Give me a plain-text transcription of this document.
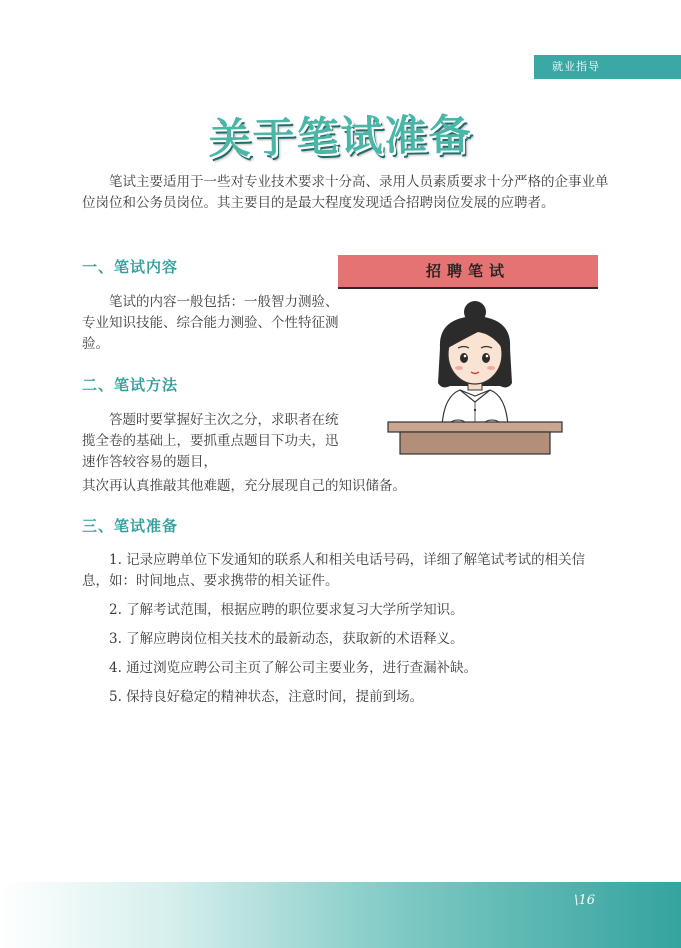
就业指导
关于笔试准备

笔试主要适用于一些对专业技术要求十分高、录用人员素质要求十分严格的企事业单位岗位和公务员岗位。其主要目的是最大程度发现适合招聘岗位发展的应聘者。

一、笔试内容

笔试的内容一般包括：一般智力测验、专业知识技能、综合能力测验、个性特征测验。

二、笔试方法

答题时要掌握好主次之分，求职者在统揽全卷的基础上，要抓重点题目下功夫，迅速作答较容易的题目，

其次再认真推敲其他难题，充分展现自己的知识储备。

三、笔试准备
1. 记录应聘单位下发通知的联系人和相关电话号码，详细了解笔试考试的相关信息，如：时间地点、要求携带的相关证件。
2. 了解考试范围，根据应聘的职位要求复习大学所学知识。
3. 了解应聘岗位相关技术的最新动态，获取新的术语释义。
4. 通过浏览应聘公司主页了解公司主要业务，进行查漏补缺。
5. 保持良好稳定的精神状态，注意时间，提前到场。
招聘笔试
\16
